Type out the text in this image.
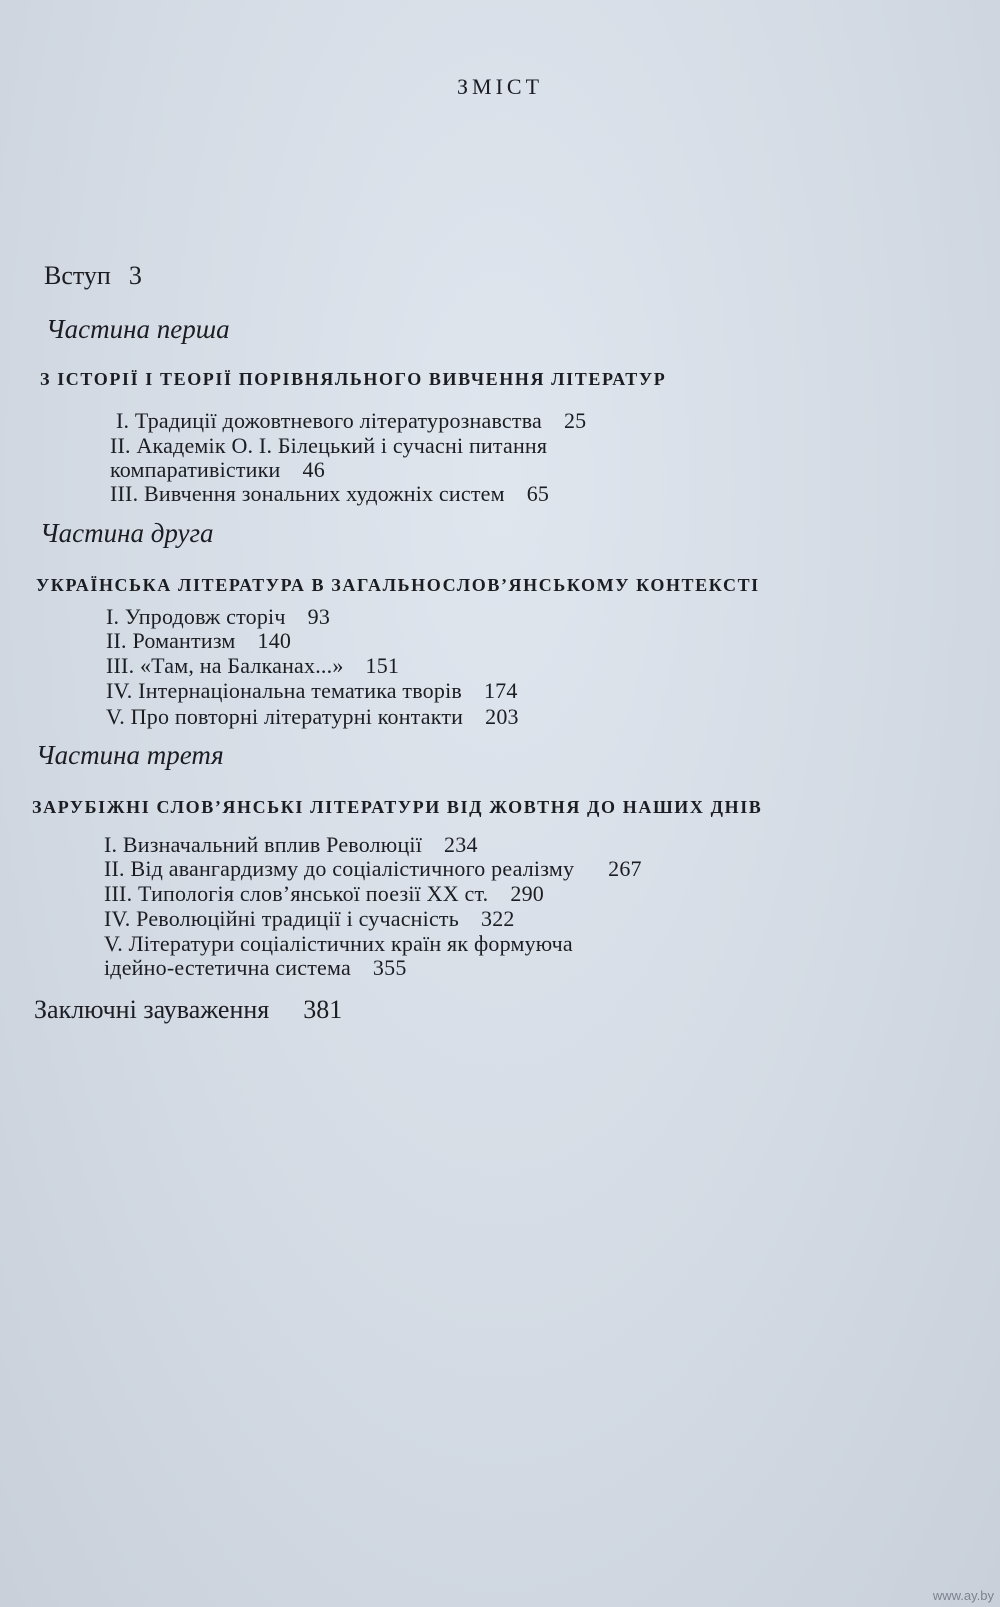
ЗМІСТ
Вступ 3
Частина перша
З ІСТОРІЇ І ТЕОРІЇ ПОРІВНЯЛЬНОГО ВИВЧЕННЯ ЛІТЕРАТУР
І. Традиції дожовтневого літературознавства 25
II. Академік О. І. Білецький і сучасні питання
компаративістики 46
III. Вивчення зональних художніх систем 65
Частина друга
УКРАЇНСЬКА ЛІТЕРАТУРА В ЗАГАЛЬНОСЛОВ’ЯНСЬКОМУ КОНТЕКСТІ
І. Упродовж сторіч 93
II. Романтизм 140
III. «Там, на Балканах...» 151
IV. Інтернаціональна тематика творів 174
V. Про повторні літературні контакти 203
Частина третя
ЗАРУБІЖНІ СЛОВ’ЯНСЬКІ ЛІТЕРАТУРИ ВІД ЖОВТНЯ ДО НАШИХ ДНІВ
І. Визначальний вплив Революції 234
II. Від авангардизму до соціалістичного реалізму 267
III. Типологія слов’янської поезії XX ст. 290
IV. Революційні традиції і сучасність 322
V. Літератури соціалістичних країн як формуюча
ідейно-естетична система 355
Заключні зауваження 381
www.ay.by
